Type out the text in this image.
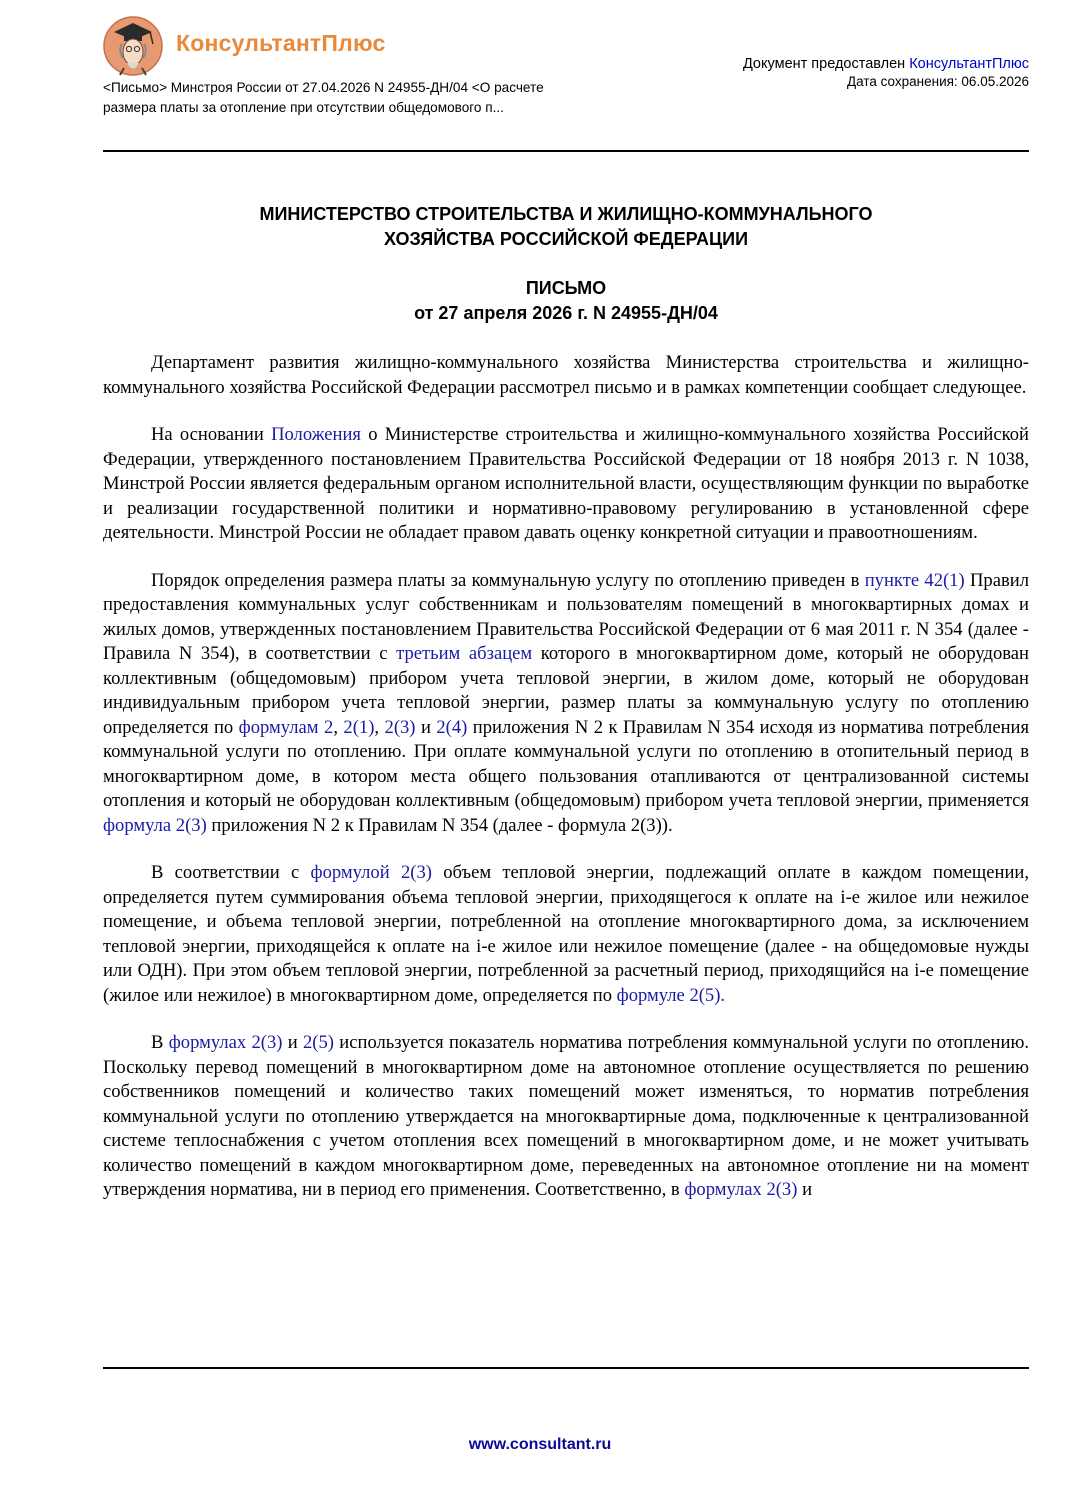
КонсультантПлюс
<Письмо> Минстроя России от 27.04.2026 N 24955-ДН/04 <О расчете размера платы за отопление при отсутствии общедомового п...
Документ предоставлен КонсультантПлюс
Дата сохранения: 06.05.2026
МИНИСТЕРСТВО СТРОИТЕЛЬСТВА И ЖИЛИЩНО-КОММУНАЛЬНОГО
ХОЗЯЙСТВА РОССИЙСКОЙ ФЕДЕРАЦИИ
ПИСЬМО
от 27 апреля 2026 г. N 24955-ДН/04

Департамент развития жилищно-коммунального хозяйства Министерства строительства и жилищно-коммунального хозяйства Российской Федерации рассмотрел письмо и в рамках компетенции сообщает следующее.

На основании Положения о Министерстве строительства и жилищно-коммунального хозяйства Российской Федерации, утвержденного постановлением Правительства Российской Федерации от 18 ноября 2013 г. N 1038, Минстрой России является федеральным органом исполнительной власти, осуществляющим функции по выработке и реализации государственной политики и нормативно-правовому регулированию в установленной сфере деятельности. Минстрой России не обладает правом давать оценку конкретной ситуации и правоотношениям.

Порядок определения размера платы за коммунальную услугу по отоплению приведен в пункте 42(1) Правил предоставления коммунальных услуг собственникам и пользователям помещений в многоквартирных домах и жилых домов, утвержденных постановлением Правительства Российской Федерации от 6 мая 2011 г. N 354 (далее - Правила N 354), в соответствии с третьим абзацем которого в многоквартирном доме, который не оборудован коллективным (общедомовым) прибором учета тепловой энергии, в жилом доме, который не оборудован индивидуальным прибором учета тепловой энергии, размер платы за коммунальную услугу по отоплению определяется по формулам 2, 2(1), 2(3) и 2(4) приложения N 2 к Правилам N 354 исходя из норматива потребления коммунальной услуги по отоплению. При оплате коммунальной услуги по отоплению в отопительный период в многоквартирном доме, в котором места общего пользования отапливаются от централизованной системы отопления и который не оборудован коллективным (общедомовым) прибором учета тепловой энергии, применяется формула 2(3) приложения N 2 к Правилам N 354 (далее - формула 2(3)).

В соответствии с формулой 2(3) объем тепловой энергии, подлежащий оплате в каждом помещении, определяется путем суммирования объема тепловой энергии, приходящегося к оплате на i-е жилое или нежилое помещение, и объема тепловой энергии, потребленной на отопление многоквартирного дома, за исключением тепловой энергии, приходящейся к оплате на i-е жилое или нежилое помещение (далее - на общедомовые нужды или ОДН). При этом объем тепловой энергии, потребленной за расчетный период, приходящийся на i-е помещение (жилое или нежилое) в многоквартирном доме, определяется по формуле 2(5).

В формулах 2(3) и 2(5) используется показатель норматива потребления коммунальной услуги по отоплению. Поскольку перевод помещений в многоквартирном доме на автономное отопление осуществляется по решению собственников помещений и количество таких помещений может изменяться, то норматив потребления коммунальной услуги по отоплению утверждается на многоквартирные дома, подключенные к централизованной системе теплоснабжения с учетом отопления всех помещений в многоквартирном доме, и не может учитывать количество помещений в каждом многоквартирном доме, переведенных на автономное отопление ни на момент утверждения норматива, ни в период его применения. Соответственно, в формулах 2(3) и

www.consultant.ru
